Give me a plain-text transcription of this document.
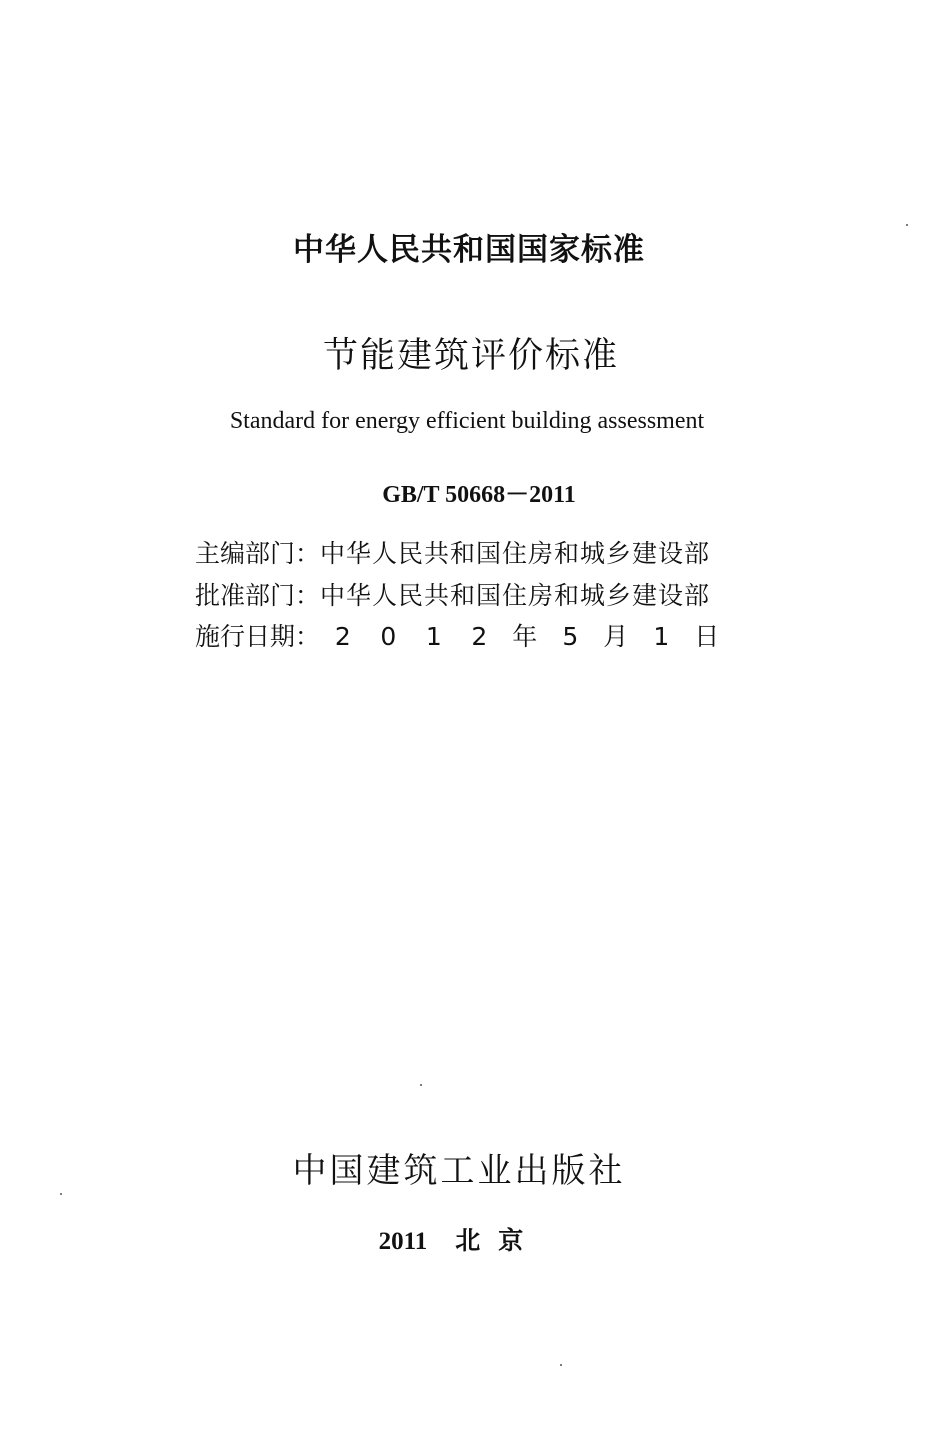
中华人民共和国国家标准
节能建筑评价标准
Standard for energy efficient building assessment
GB/T 50668－2011
主编部门：中华人民共和国住房和城乡建设部
批准部门：中华人民共和国住房和城乡建设部
施行日期： 2 0 1 2 年 5 月 1 日
中国建筑工业出版社
2011 北京
